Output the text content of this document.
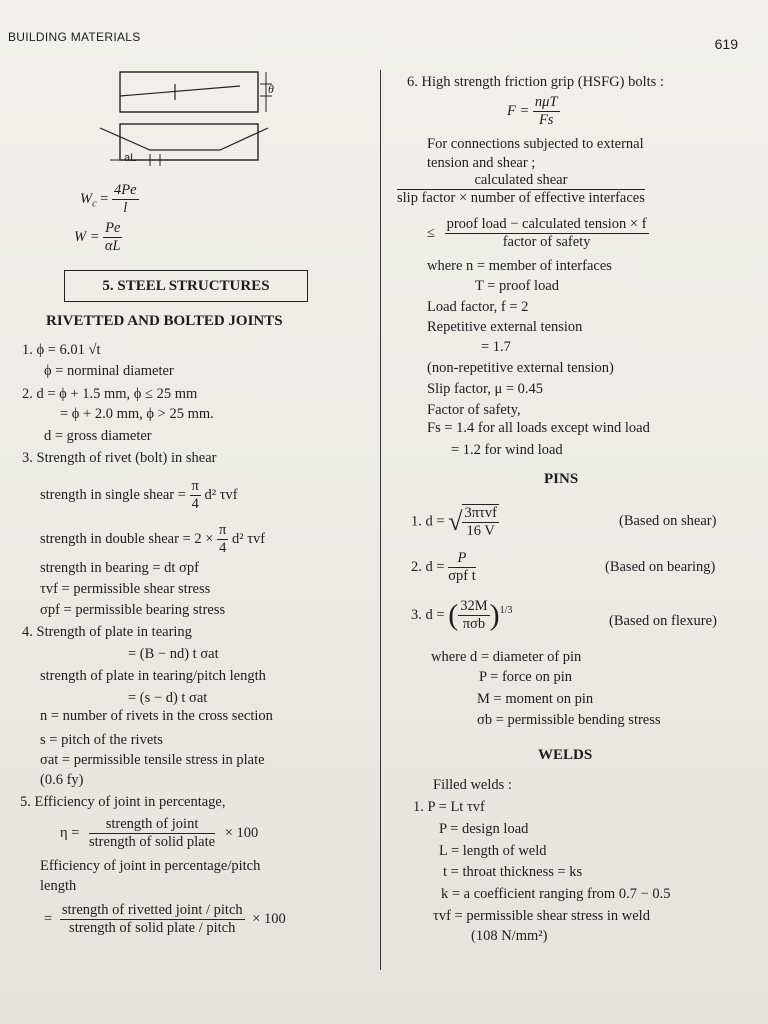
BUILDING MATERIALS	619
θ
aL
$W_c = \frac{4Pe}{l}$
$W = \frac{Pe}{\alpha L}$
5. STEEL STRUCTURES
RIVETTED AND BOLTED JOINTS
1. ϕ = 6.01 √t
ϕ = norminal diameter
2. d = ϕ + 1.5 mm, ϕ ≤ 25 mm
= ϕ + 2.0 mm, ϕ > 25 mm.
d = gross diameter
3. Strength of rivet (bolt) in shear
strength in single shear = $\frac{\pi}{4} d^2$ τvf
strength in double shear = $2 \times \frac{\pi}{4} d^2$ τvf
strength in bearing = dt σpf
τvf = permissible shear stress
σpf = permissible bearing stress
4. Strength of plate in tearing
= (B − nd) t σat
strength of plate in tearing/pitch length
= (s − d) t σat
n = number of rivets in the cross section
s = pitch of the rivets
σat = permissible tensile stress in plate
(0.6 fy)
5. Efficiency of joint in percentage,
$\eta = \frac{\text{strength of joint}}{\text{strength of solid plate}} \times 100$
Efficiency of joint in percentage/pitch
length
= $\frac{\text{strength of rivetted joint / pitch}}{\text{strength of solid plate / pitch}} \times 100$
6. High strength friction grip (HSFG) bolts :
$F = \frac{\text{nμT}}{Fs}$
For connections subjected to external
tension and shear ;
$\frac{\text{calculated shear}}{\text{slip factor × number of effective interfaces}}$
≤ $\frac{\text{proof load − calculated tension × f}}{\text{factor of safety}}$
where n = member of interfaces
T = proof load
Load factor, f = 2
Repetitive external tension
= 1.7
(non-repetitive external tension)
Slip factor, μ = 0.45
Factor of safety,
Fs = 1.4 for all loads except wind load
= 1.2 for wind load
PINS
1. d = √ $\frac{\text{3πτvf}}{16 V}$	(Based on shear)
2. $d = \frac{P}{\text{σpf t}}$	(Based on bearing)
3. d = ( $\frac{32M}{\text{πσb}} )^{1/3}$
(Based on flexure)
where d = diameter of pin
P = force on pin
M = moment on pin
σb = permissible bending stress
WELDS
Filled welds :
1. P = Lt τvf
P = design load
L = length of weld
t = throat thickness = ks
k = a coefficient ranging from 0.7 − 0.5
τvf = permissible shear stress in weld
(108 N/mm²)
